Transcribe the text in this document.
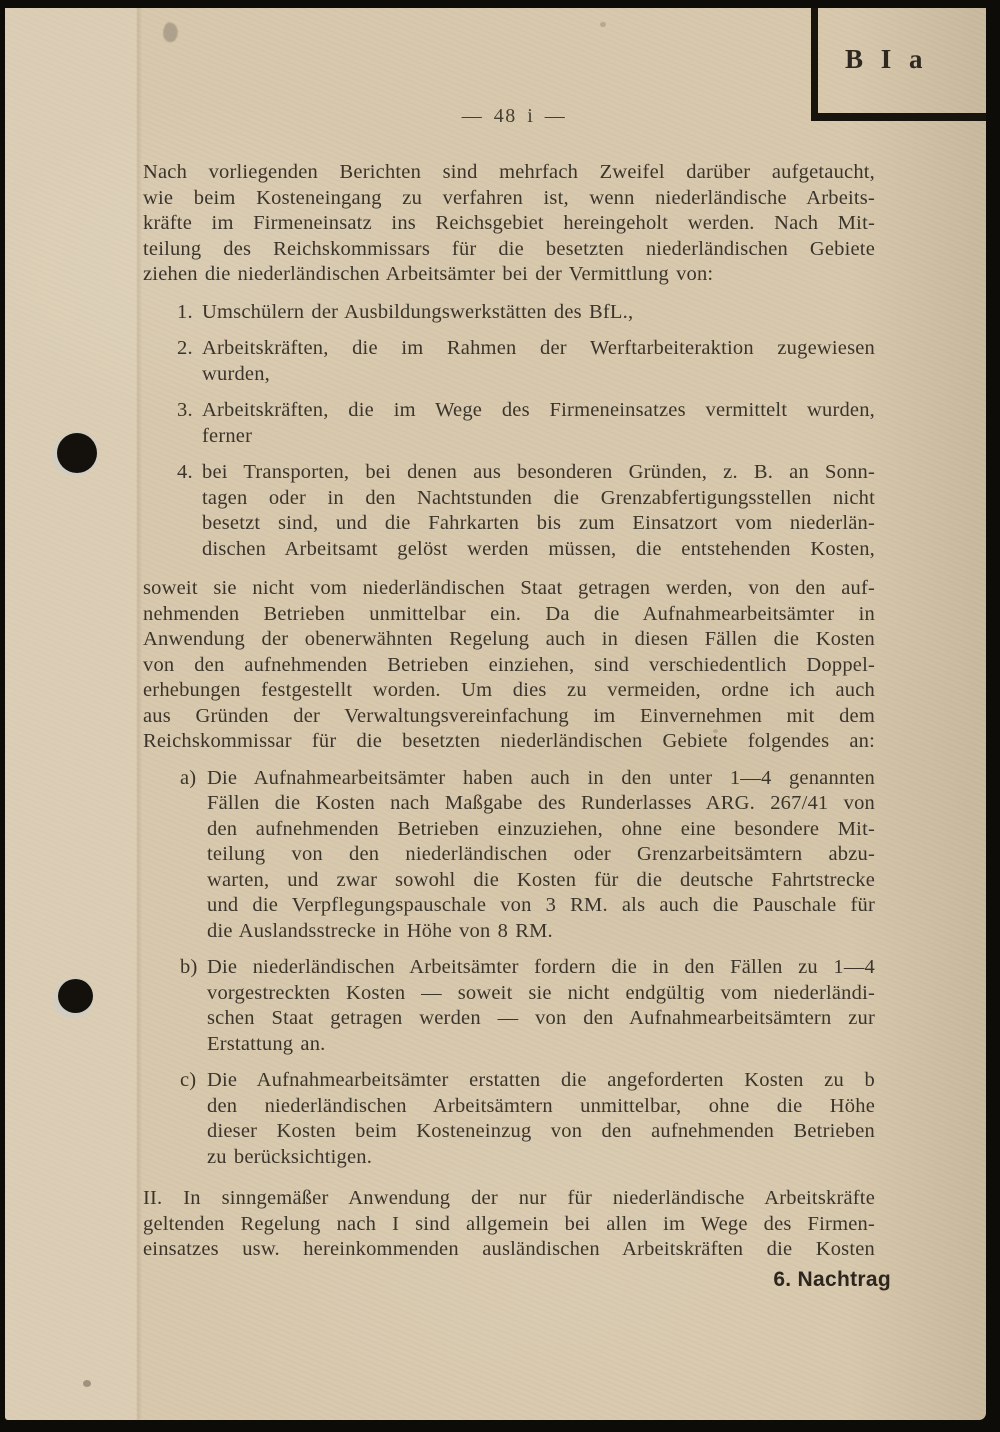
B I a
— 48 i —
Nach vorliegenden Berichten sind mehrfach Zweifel darüber aufgetaucht,
wie beim Kosteneingang zu verfahren ist, wenn niederländische Arbeits-
kräfte im Firmeneinsatz ins Reichsgebiet hereingeholt werden. Nach Mit-
teilung des Reichskommissars für die besetzten niederländischen Gebiete
ziehen die niederländischen Arbeitsämter bei der Vermittlung von:
1. Umschülern der Ausbildungswerkstätten des BfL.,
2. Arbeitskräften, die im Rahmen der Werftarbeiteraktion zugewiesen
wurden,
3. Arbeitskräften, die im Wege des Firmeneinsatzes vermittelt wurden,
ferner
4. bei Transporten, bei denen aus besonderen Gründen, z. B. an Sonn-
tagen oder in den Nachtstunden die Grenzabfertigungsstellen nicht
besetzt sind, und die Fahrkarten bis zum Einsatzort vom niederlän-
dischen Arbeitsamt gelöst werden müssen, die entstehenden Kosten,
soweit sie nicht vom niederländischen Staat getragen werden, von den auf-
nehmenden Betrieben unmittelbar ein. Da die Aufnahmearbeitsämter in
Anwendung der obenerwähnten Regelung auch in diesen Fällen die Kosten
von den aufnehmenden Betrieben einziehen, sind verschiedentlich Doppel-
erhebungen festgestellt worden. Um dies zu vermeiden, ordne ich auch
aus Gründen der Verwaltungsvereinfachung im Einvernehmen mit dem
Reichskommissar für die besetzten niederländischen Gebiete folgendes an:
a) Die Aufnahmearbeitsämter haben auch in den unter 1—4 genannten
Fällen die Kosten nach Maßgabe des Runderlasses ARG. 267/41 von
den aufnehmenden Betrieben einzuziehen, ohne eine besondere Mit-
teilung von den niederländischen oder Grenzarbeitsämtern abzu-
warten, und zwar sowohl die Kosten für die deutsche Fahrtstrecke
und die Verpflegungspauschale von 3 RM. als auch die Pauschale für
die Auslandsstrecke in Höhe von 8 RM.
b) Die niederländischen Arbeitsämter fordern die in den Fällen zu 1—4
vorgestreckten Kosten — soweit sie nicht endgültig vom niederländi-
schen Staat getragen werden — von den Aufnahmearbeitsämtern zur
Erstattung an.
c) Die Aufnahmearbeitsämter erstatten die angeforderten Kosten zu b
den niederländischen Arbeitsämtern unmittelbar, ohne die Höhe
dieser Kosten beim Kosteneinzug von den aufnehmenden Betrieben
zu berücksichtigen.
II. In sinngemäßer Anwendung der nur für niederländische Arbeitskräfte
geltenden Regelung nach I sind allgemein bei allen im Wege des Firmen-
einsatzes usw. hereinkommenden ausländischen Arbeitskräften die Kosten
6. Nachtrag
